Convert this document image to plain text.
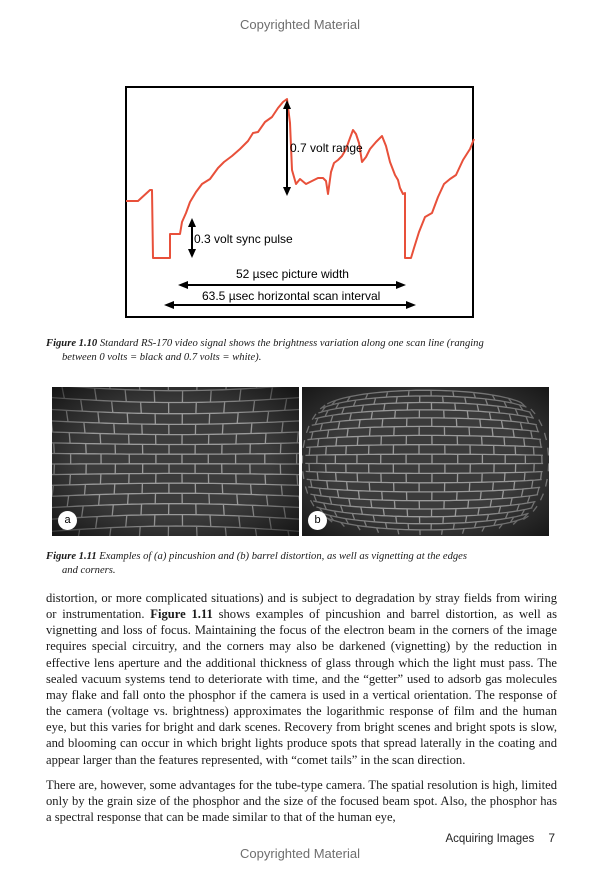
Copyrighted Material
0.7 volt range
0.3 volt sync pulse
52 µsec picture width
63.5 µsec horizontal scan interval
Figure 1.10 Standard RS-170 video signal shows the brightness variation along one scan line (ranging
between 0 volts = black and 0.7 volts = white).
a	b
Figure 1.11 Examples of (a) pincushion and (b) barrel distortion, as well as vignetting at the edges
and corners.

distortion, or more complicated situations) and is subject to degradation by stray fields from wiring or instrumentation. Figure 1.11 shows examples of pincushion and barrel distortion, as well as vignetting and loss of focus. Maintaining the focus of the electron beam in the corners of the image requires special circuitry, and the corners may also be darkened (vignetting) by the reduction in effective lens aperture and the additional thickness of glass through which the light must pass. The sealed vacuum systems tend to deteriorate with time, and the “getter” used to adsorb gas molecules may flake and fall onto the phosphor if the camera is used in a vertical orientation. The response of the camera (voltage vs. brightness) approximates the logarithmic response of film and the human eye, but this varies for bright and dark scenes. Recovery from bright scenes and bright spots is slow, and blooming can occur in which bright lights produce spots that spread laterally in the coating and appear larger than the features represented, with “comet tails” in the scan direction.

There are, however, some advantages for the tube-type camera. The spatial resolution is high, limited only by the grain size of the phosphor and the size of the focused beam spot. Also, the phosphor has a spectral response that can be made similar to that of the human eye,

Acquiring Images 7
Copyrighted Material
